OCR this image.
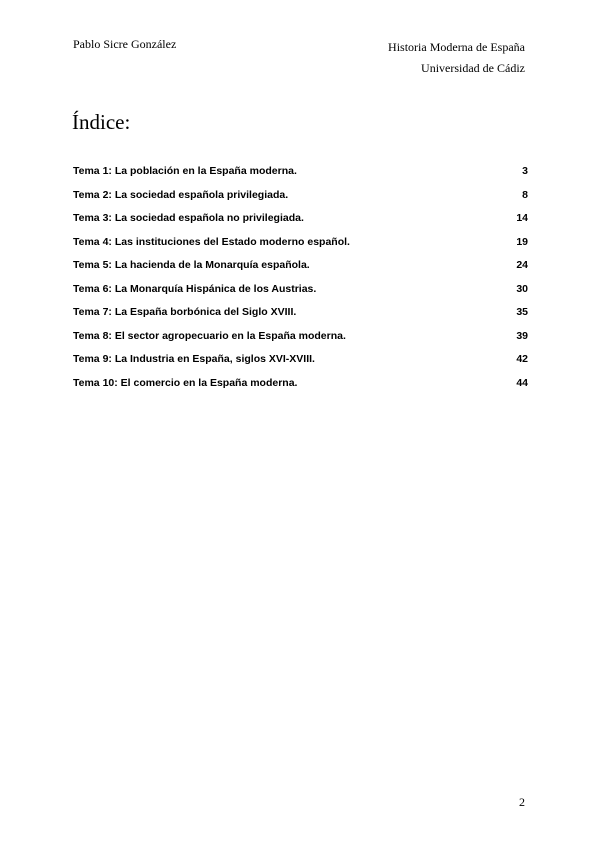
Pablo Sicre González	Historia Moderna de España
Universidad de Cádiz
Índice:
Tema 1: La población en la España moderna.	3
Tema 2: La sociedad española privilegiada.	8
Tema 3: La sociedad española no privilegiada.	14
Tema 4: Las instituciones del Estado moderno español.	19
Tema 5: La hacienda de la Monarquía española.	24
Tema 6: La Monarquía Hispánica de los Austrias.	30
Tema 7: La España borbónica del Siglo XVIII.	35
Tema 8: El sector agropecuario en la España moderna.	39
Tema 9: La Industria en España, siglos XVI-XVIII.	42
Tema 10: El comercio en la España moderna.	44
2
